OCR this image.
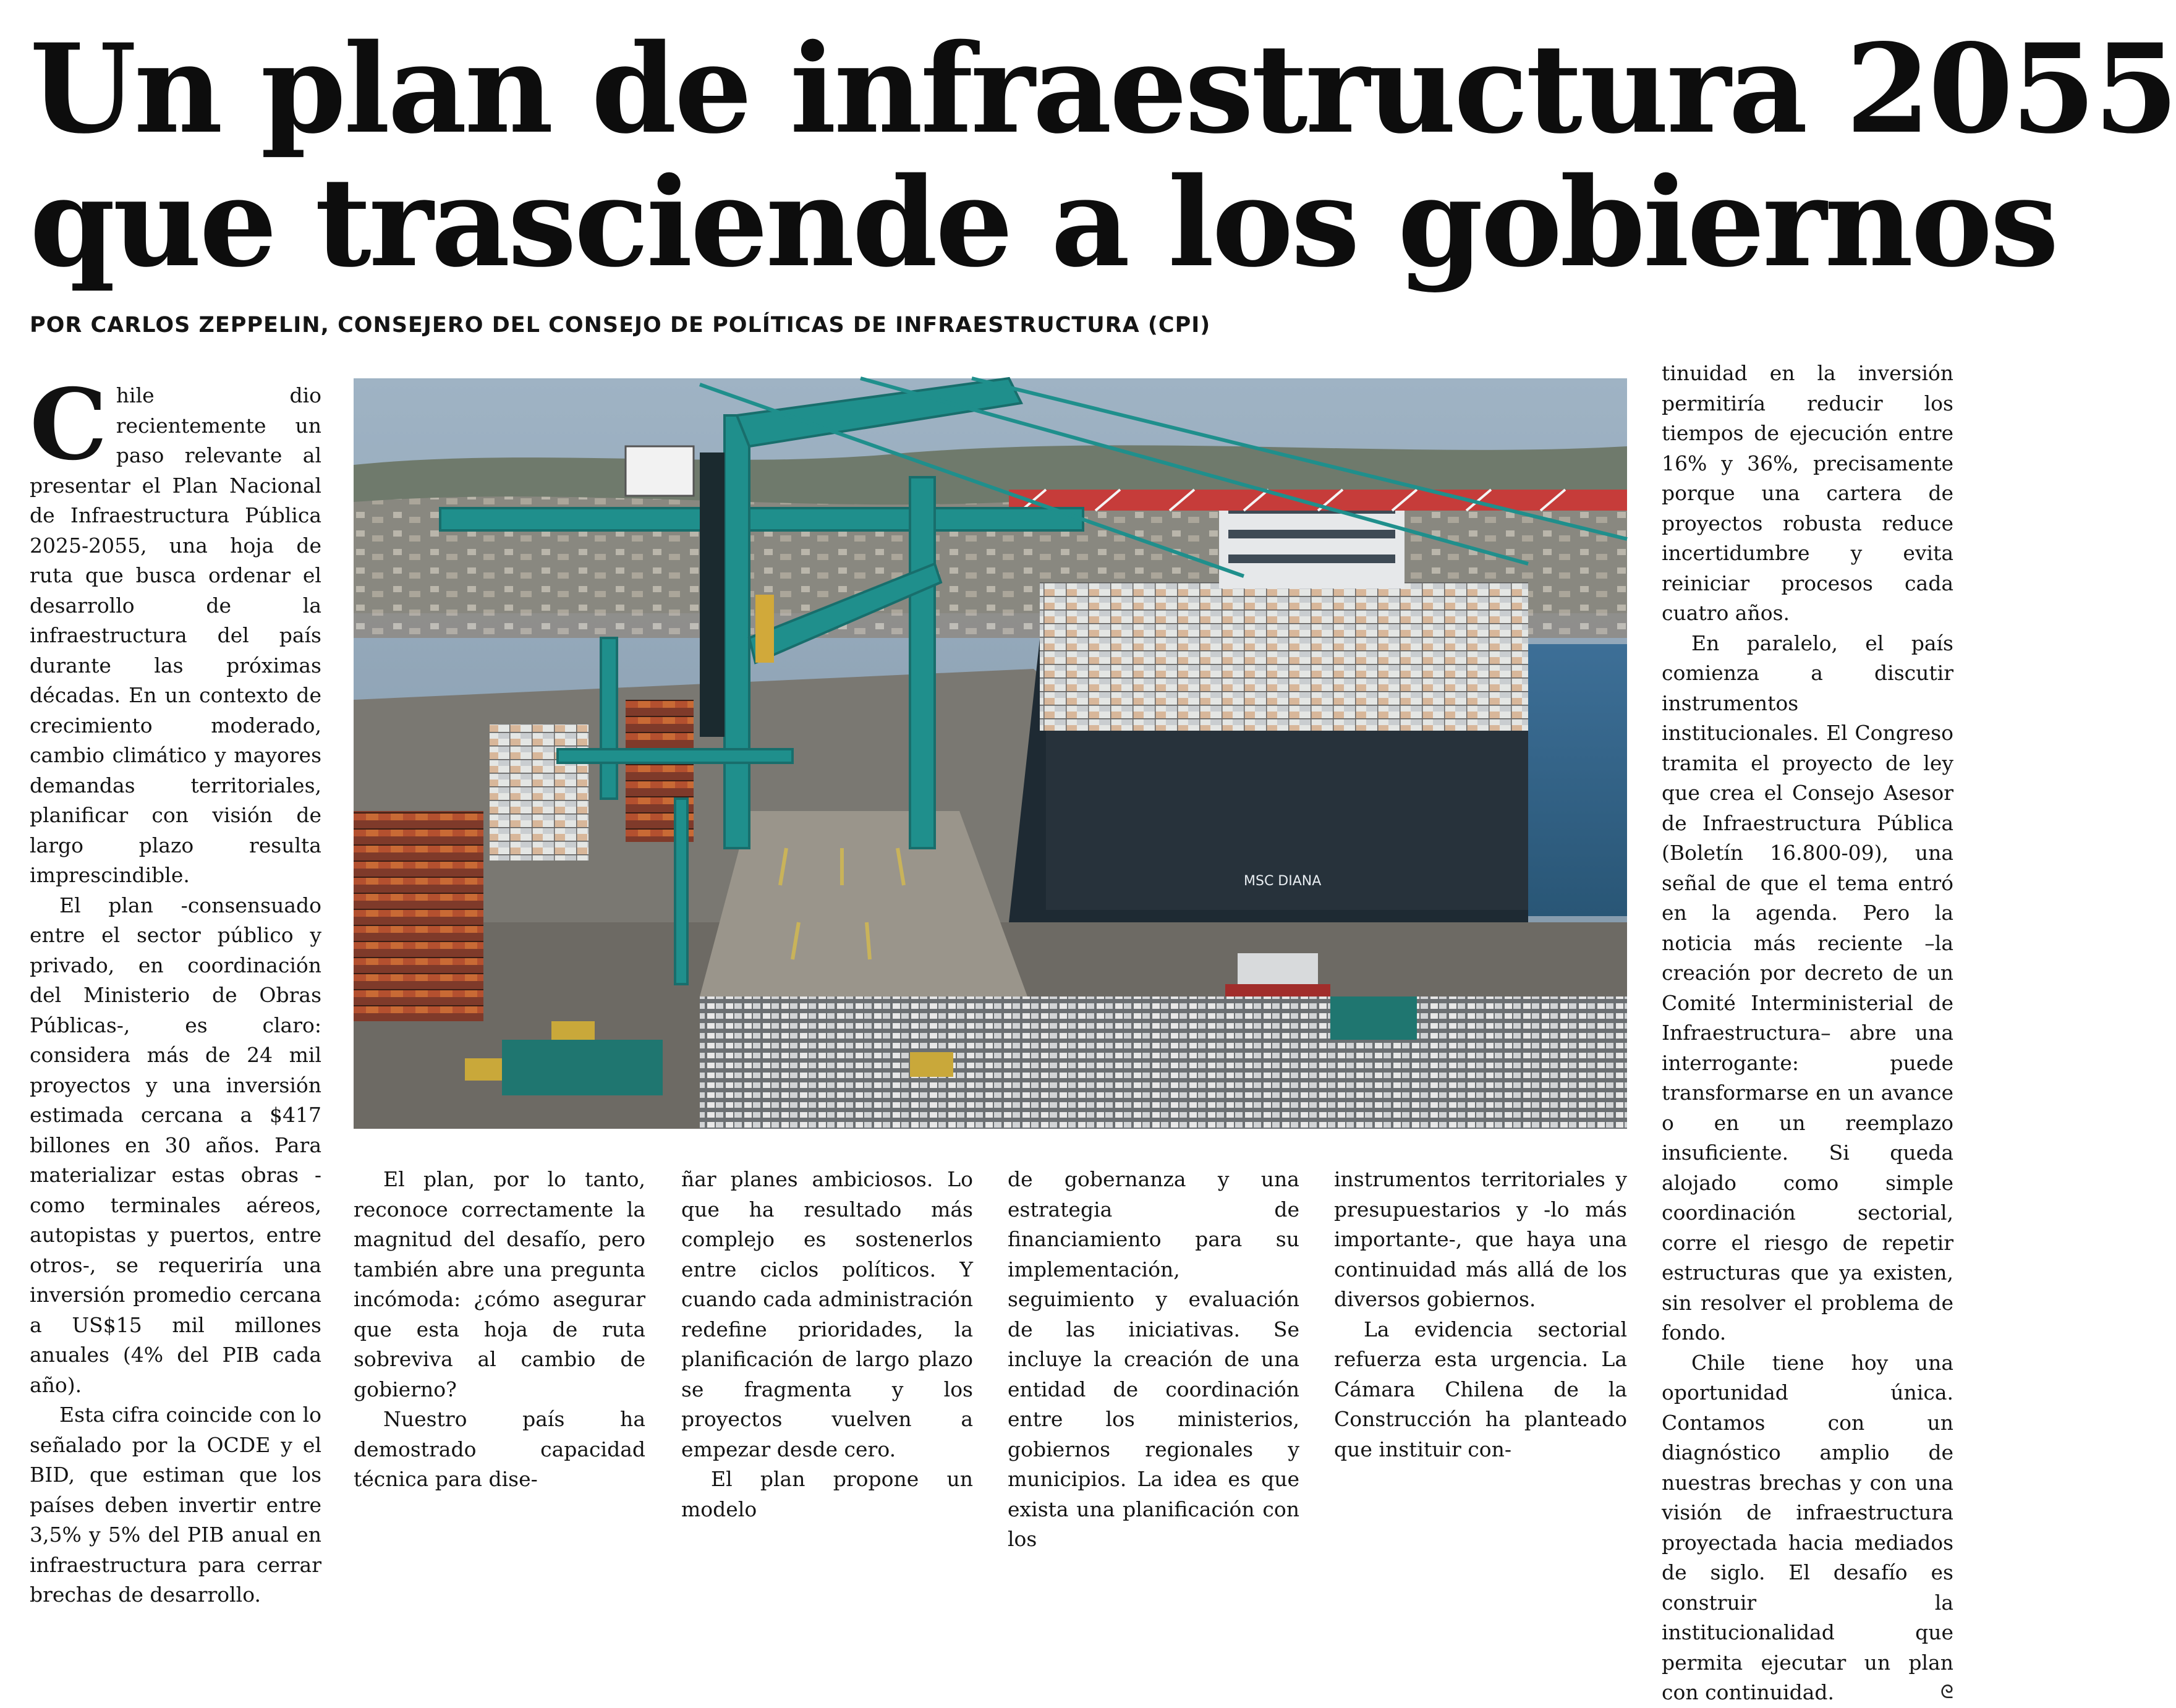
Un plan de infraestructura 2055
que trasciende a los gobiernos
POR CARLOS ZEPPELIN, CONSEJERO DEL CONSEJO DE POLÍTICAS DE INFRAESTRUCTURA (CPI)

Chile dio recientemente un paso relevante al presentar el Plan Nacional de Infraestructura Pública 2025-2055, una hoja de ruta que busca ordenar el desarrollo de la infraestructura del país durante las próximas décadas. En un contexto de crecimiento moderado, cambio climático y mayores demandas territoriales, planificar con visión de largo plazo resulta imprescindible.

El plan -consensuado entre el sector público y privado, en coordinación del Ministerio de Obras Públicas-, es claro: considera más de 24 mil proyectos y una inversión estimada cercana a $417 billones en 30 años. Para materializar estas obras -como terminales aéreos, autopistas y puertos, entre otros-, se requeriría una inversión promedio cercana a US$15 mil millones anuales (4% del PIB cada año).

Esta cifra coincide con lo señalado por la OCDE y el BID, que estiman que los países deben invertir entre 3,5% y 5% del PIB anual en infraestructura para cerrar brechas de desarrollo.

MSC DIANA

El plan, por lo tanto, reconoce correctamente la magnitud del desafío, pero también abre una pregunta incómoda: ¿cómo asegurar que esta hoja de ruta sobreviva al cambio de gobierno?

Nuestro país ha demostrado capacidad técnica para dise-

ñar planes ambiciosos. Lo que ha resultado más complejo es sostenerlos entre ciclos políticos. Y cuando cada administración redefine prioridades, la planificación de largo plazo se fragmenta y los proyectos vuelven a empezar desde cero.

El plan propone un modelo

de gobernanza y una estrategia de financiamiento para su implementación, seguimiento y evaluación de las iniciativas. Se incluye la creación de una entidad de coordinación entre los ministerios, gobiernos regionales y municipios. La idea es que exista una planificación con los

instrumentos territoriales y presupuestarios y -lo más importante-, que haya una continuidad más allá de los diversos gobiernos.

La evidencia sectorial refuerza esta urgencia. La Cámara Chilena de la Construcción ha planteado que instituir con-

tinuidad en la inversión permitiría reducir los tiempos de ejecución entre 16% y 36%, precisamente porque una cartera de proyectos robusta reduce incertidumbre y evita reiniciar procesos cada cuatro años.

En paralelo, el país comienza a discutir instrumentos institucionales. El Congreso tramita el proyecto de ley que crea el Consejo Asesor de Infraestructura Pública (Boletín 16.800-09), una señal de que el tema entró en la agenda. Pero la noticia más reciente –la creación por decreto de un Comité Interministerial de Infraestructura– abre una interrogante: puede transformarse en un avance o en un reemplazo insuficiente. Si queda alojado como simple coordinación sectorial, corre el riesgo de repetir estructuras que ya existen, sin resolver el problema de fondo.

Chile tiene hoy una oportunidad única. Contamos con un diagnóstico amplio de nuestras brechas y con una visión de infraestructura proyectada hacia mediados de siglo. El desafío es construir la institucionalidad que permita ejecutar un plan con continuidad.	ᘓ
